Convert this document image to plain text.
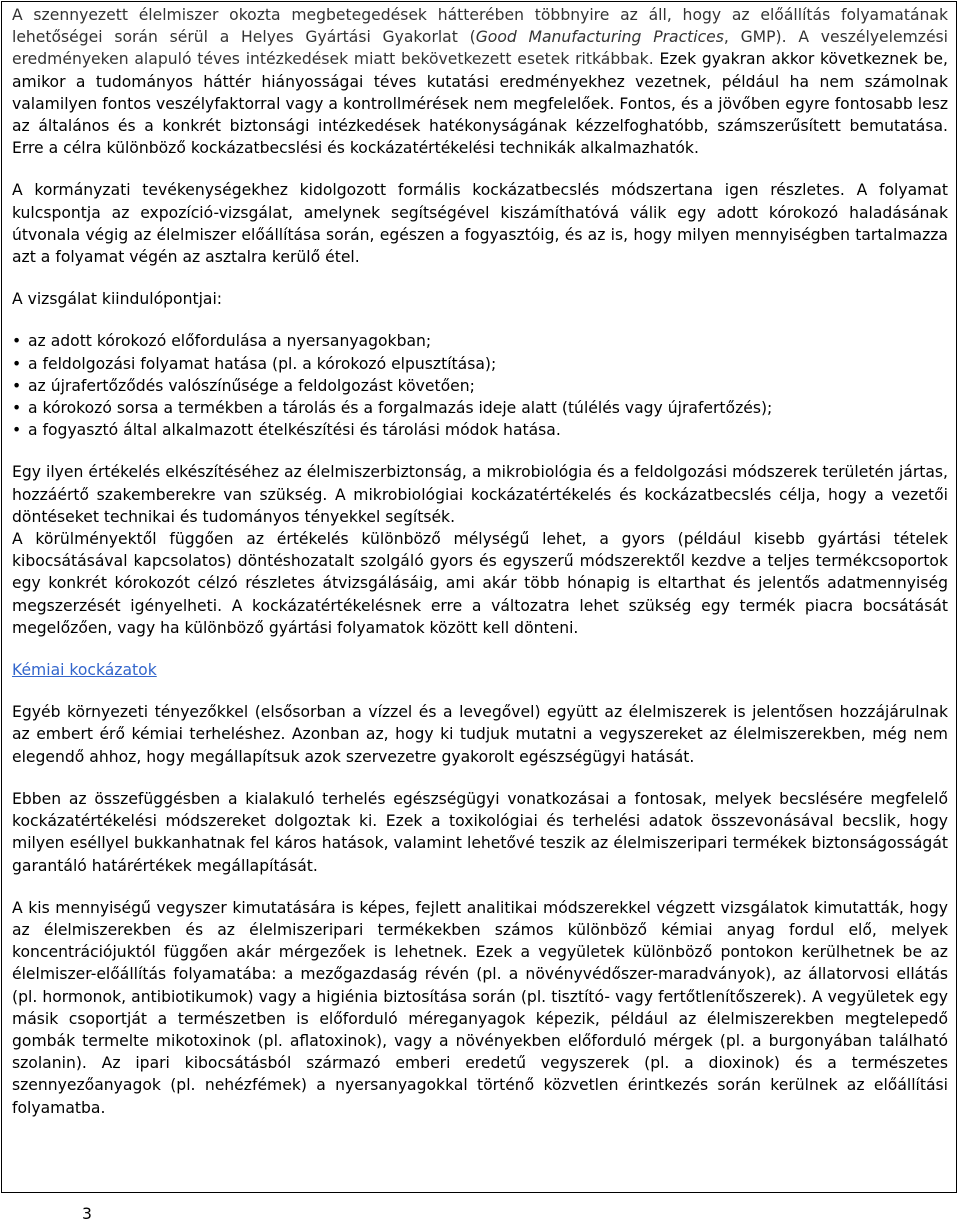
A szennyezett élelmiszer okozta megbetegedések hátterében többnyire az áll, hogy az előállítás folyamatának lehetőségei során sérül a Helyes Gyártási Gyakorlat (Good Manufacturing Practices, GMP). A veszélyelemzési eredményeken alapuló téves intézkedések miatt bekövetkezett esetek ritkábbak. Ezek gyakran akkor következnek be, amikor a tudományos háttér hiányosságai téves kutatási eredményekhez vezetnek, például ha nem számolnak valamilyen fontos veszélyfaktorral vagy a kontrollmérések nem megfelelőek. Fontos, és a jövőben egyre fontosabb lesz az általános és a konkrét biztonsági intézkedések hatékonyságának kézzelfoghatóbb, számszerűsített bemutatása. Erre a célra különböző kockázatbecslési és kockázatértékelési technikák alkalmazhatók.

A kormányzati tevékenységekhez kidolgozott formális kockázatbecslés módszertana igen részletes. A folyamat kulcspontja az expozíció-vizsgálat, amelynek segítségével kiszámíthatóvá válik egy adott kórokozó haladásának útvonala végig az élelmiszer előállítása során, egészen a fogyasztóig, és az is, hogy milyen mennyiségben tartalmazza azt a folyamat végén az asztalra kerülő étel.

A vizsgálat kiindulópontjai:

• az adott kórokozó előfordulása a nyersanyagokban;
• a feldolgozási folyamat hatása (pl. a kórokozó elpusztítása);
• az újrafertőződés valószínűsége a feldolgozást követően;
• a kórokozó sorsa a termékben a tárolás és a forgalmazás ideje alatt (túlélés vagy újrafertőzés);
• a fogyasztó által alkalmazott ételkészítési és tárolási módok hatása.

Egy ilyen értékelés elkészítéséhez az élelmiszerbiztonság, a mikrobiológia és a feldolgozási módszerek területén jártas, hozzáértő szakemberekre van szükség. A mikrobiológiai kockázatértékelés és kockázatbecslés célja, hogy a vezetői döntéseket technikai és tudományos tényekkel segítsék.

A körülményektől függően az értékelés különböző mélységű lehet, a gyors (például kisebb gyártási tételek kibocsátásával kapcsolatos) döntéshozatalt szolgáló gyors és egyszerű módszerektől kezdve a teljes termékcsoportok egy konkrét kórokozót célzó részletes átvizsgálásáig, ami akár több hónapig is eltarthat és jelentős adatmennyiség megszerzését igényelheti. A kockázatértékelésnek erre a változatra lehet szükség egy termék piacra bocsátását megelőzően, vagy ha különböző gyártási folyamatok között kell dönteni.

Kémiai kockázatok

Egyéb környezeti tényezőkkel (elsősorban a vízzel és a levegővel) együtt az élelmiszerek is jelentősen hozzájárulnak az embert érő kémiai terheléshez. Azonban az, hogy ki tudjuk mutatni a vegyszereket az élelmiszerekben, még nem elegendő ahhoz, hogy megállapítsuk azok szervezetre gyakorolt egészségügyi hatását.

Ebben az összefüggésben a kialakuló terhelés egészségügyi vonatkozásai a fontosak, melyek becslésére megfelelő kockázatértékelési módszereket dolgoztak ki. Ezek a toxikológiai és terhelési adatok összevonásával becslik, hogy milyen eséllyel bukkanhatnak fel káros hatások, valamint lehetővé teszik az élelmiszeripari termékek biztonságosságát garantáló határértékek megállapítását.

A kis mennyiségű vegyszer kimutatására is képes, fejlett analitikai módszerekkel végzett vizsgálatok kimutatták, hogy az élelmiszerekben és az élelmiszeripari termékekben számos különböző kémiai anyag fordul elő, melyek koncentrációjuktól függően akár mérgezőek is lehetnek. Ezek a vegyületek különböző pontokon kerülhetnek be az élelmiszer-előállítás folyamatába: a mezőgazdaság révén (pl. a növényvédőszer-maradványok), az állatorvosi ellátás (pl. hormonok, antibiotikumok) vagy a higiénia biztosítása során (pl. tisztító- vagy fertőtlenítőszerek). A vegyületek egy másik csoportját a természetben is előforduló méreganyagok képezik, például az élelmiszerekben megtelepedő gombák termelte mikotoxinok (pl. aflatoxinok), vagy a növényekben előforduló mérgek (pl. a burgonyában található szolanin). Az ipari kibocsátásból származó emberi eredetű vegyszerek (pl. a dioxinok) és a természetes szennyezőanyagok (pl. nehézfémek) a nyersanyagokkal történő közvetlen érintkezés során kerülnek az előállítási folyamatba.

3
